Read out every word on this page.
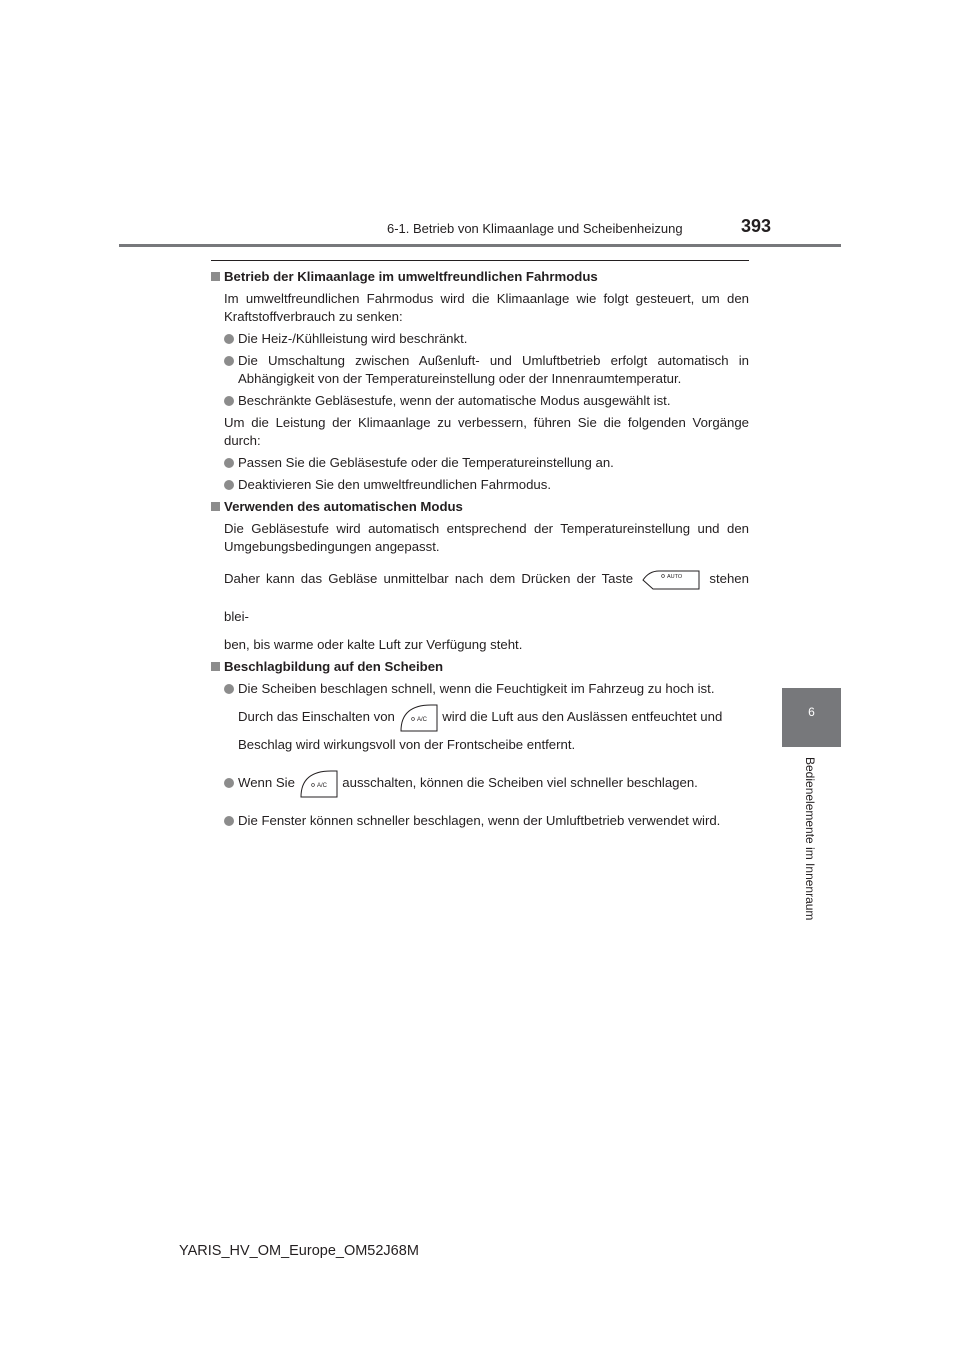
6-1. Betrieb von Klimaanlage und Scheibenheizung	393
6
Bedienelemente im Innenraum
Betrieb der Klimaanlage im umweltfreundlichen Fahrmodus
Im umweltfreundlichen Fahrmodus wird die Klimaanlage wie folgt gesteuert, um den Kraftstoffverbrauch zu senken:
Die Heiz-/Kühlleistung wird beschränkt.
Die Umschaltung zwischen Außenluft- und Umluftbetrieb erfolgt automatisch in Abhängigkeit von der Temperatureinstellung oder der Innenraumtemperatur.
Beschränkte Gebläsestufe, wenn der automatische Modus ausgewählt ist.
Um die Leistung der Klimaanlage zu verbessern, führen Sie die folgenden Vorgänge durch:
Passen Sie die Gebläsestufe oder die Temperatureinstellung an.
Deaktivieren Sie den umweltfreundlichen Fahrmodus.
Verwenden des automatischen Modus
Die Gebläsestufe wird automatisch entsprechend der Temperatureinstellung und den Umgebungsbedingungen angepasst.
Daher kann das Gebläse unmittelbar nach dem Drücken der Taste	AUTO stehen blei-
ben, bis warme oder kalte Luft zur Verfügung steht.
Beschlagbildung auf den Scheiben
Die Scheiben beschlagen schnell, wenn die Feuchtigkeit im Fahrzeug zu hoch ist.
Durch das Einschalten von	A/C wird die Luft aus den Auslässen entfeuchtet und
Beschlag wird wirkungsvoll von der Frontscheibe entfernt.
Wenn Sie	A/C ausschalten, können die Scheiben viel schneller beschlagen.
Die Fenster können schneller beschlagen, wenn der Umluftbetrieb verwendet wird.
YARIS_HV_OM_Europe_OM52J68M
